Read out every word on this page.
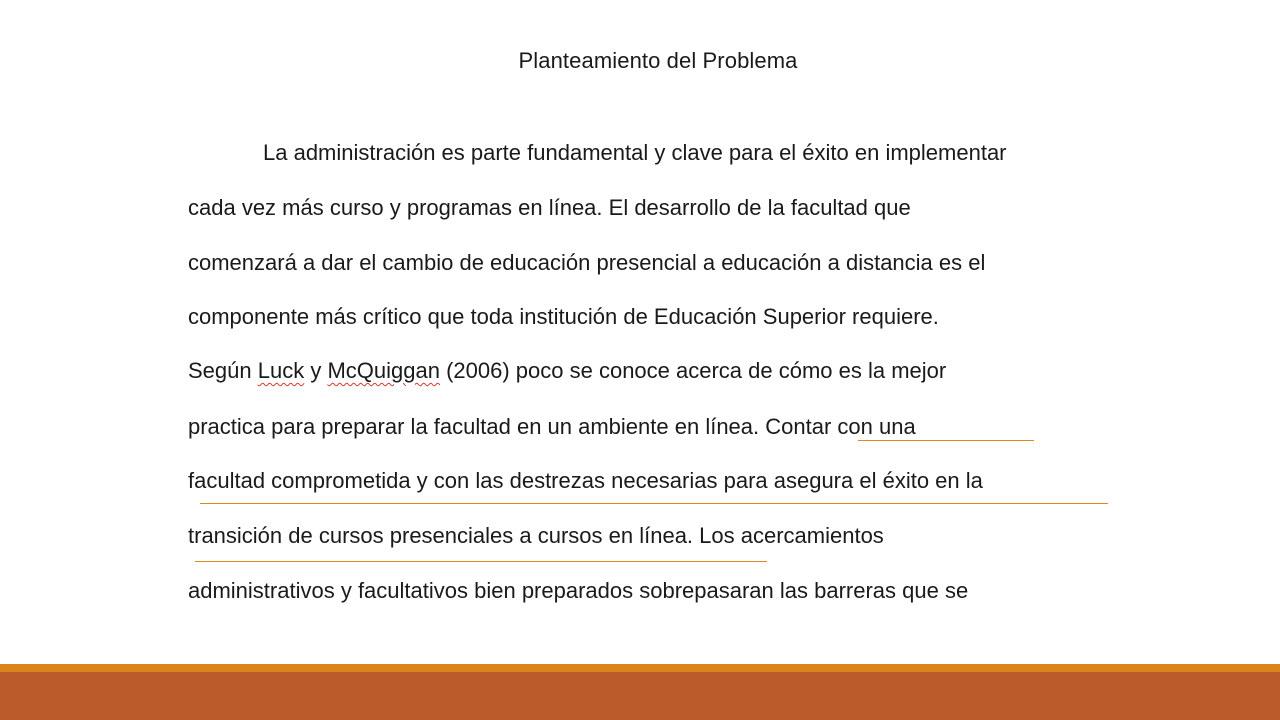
Planteamiento del Problema
La administración es parte fundamental y clave para el éxito en implementar
cada vez más curso y programas en línea. El desarrollo de la facultad que
comenzará a dar el cambio de educación presencial a educación a distancia es el
componente más crítico que toda institución de Educación Superior requiere.
Según Luck y McQuiggan (2006) poco se conoce acerca de cómo es la mejor
practica para preparar la facultad en un ambiente en línea. Contar con una
facultad comprometida y con las destrezas necesarias para asegura el éxito en la
transición de cursos presenciales a cursos en línea. Los acercamientos
administrativos y facultativos bien preparados sobrepasaran las barreras que se
